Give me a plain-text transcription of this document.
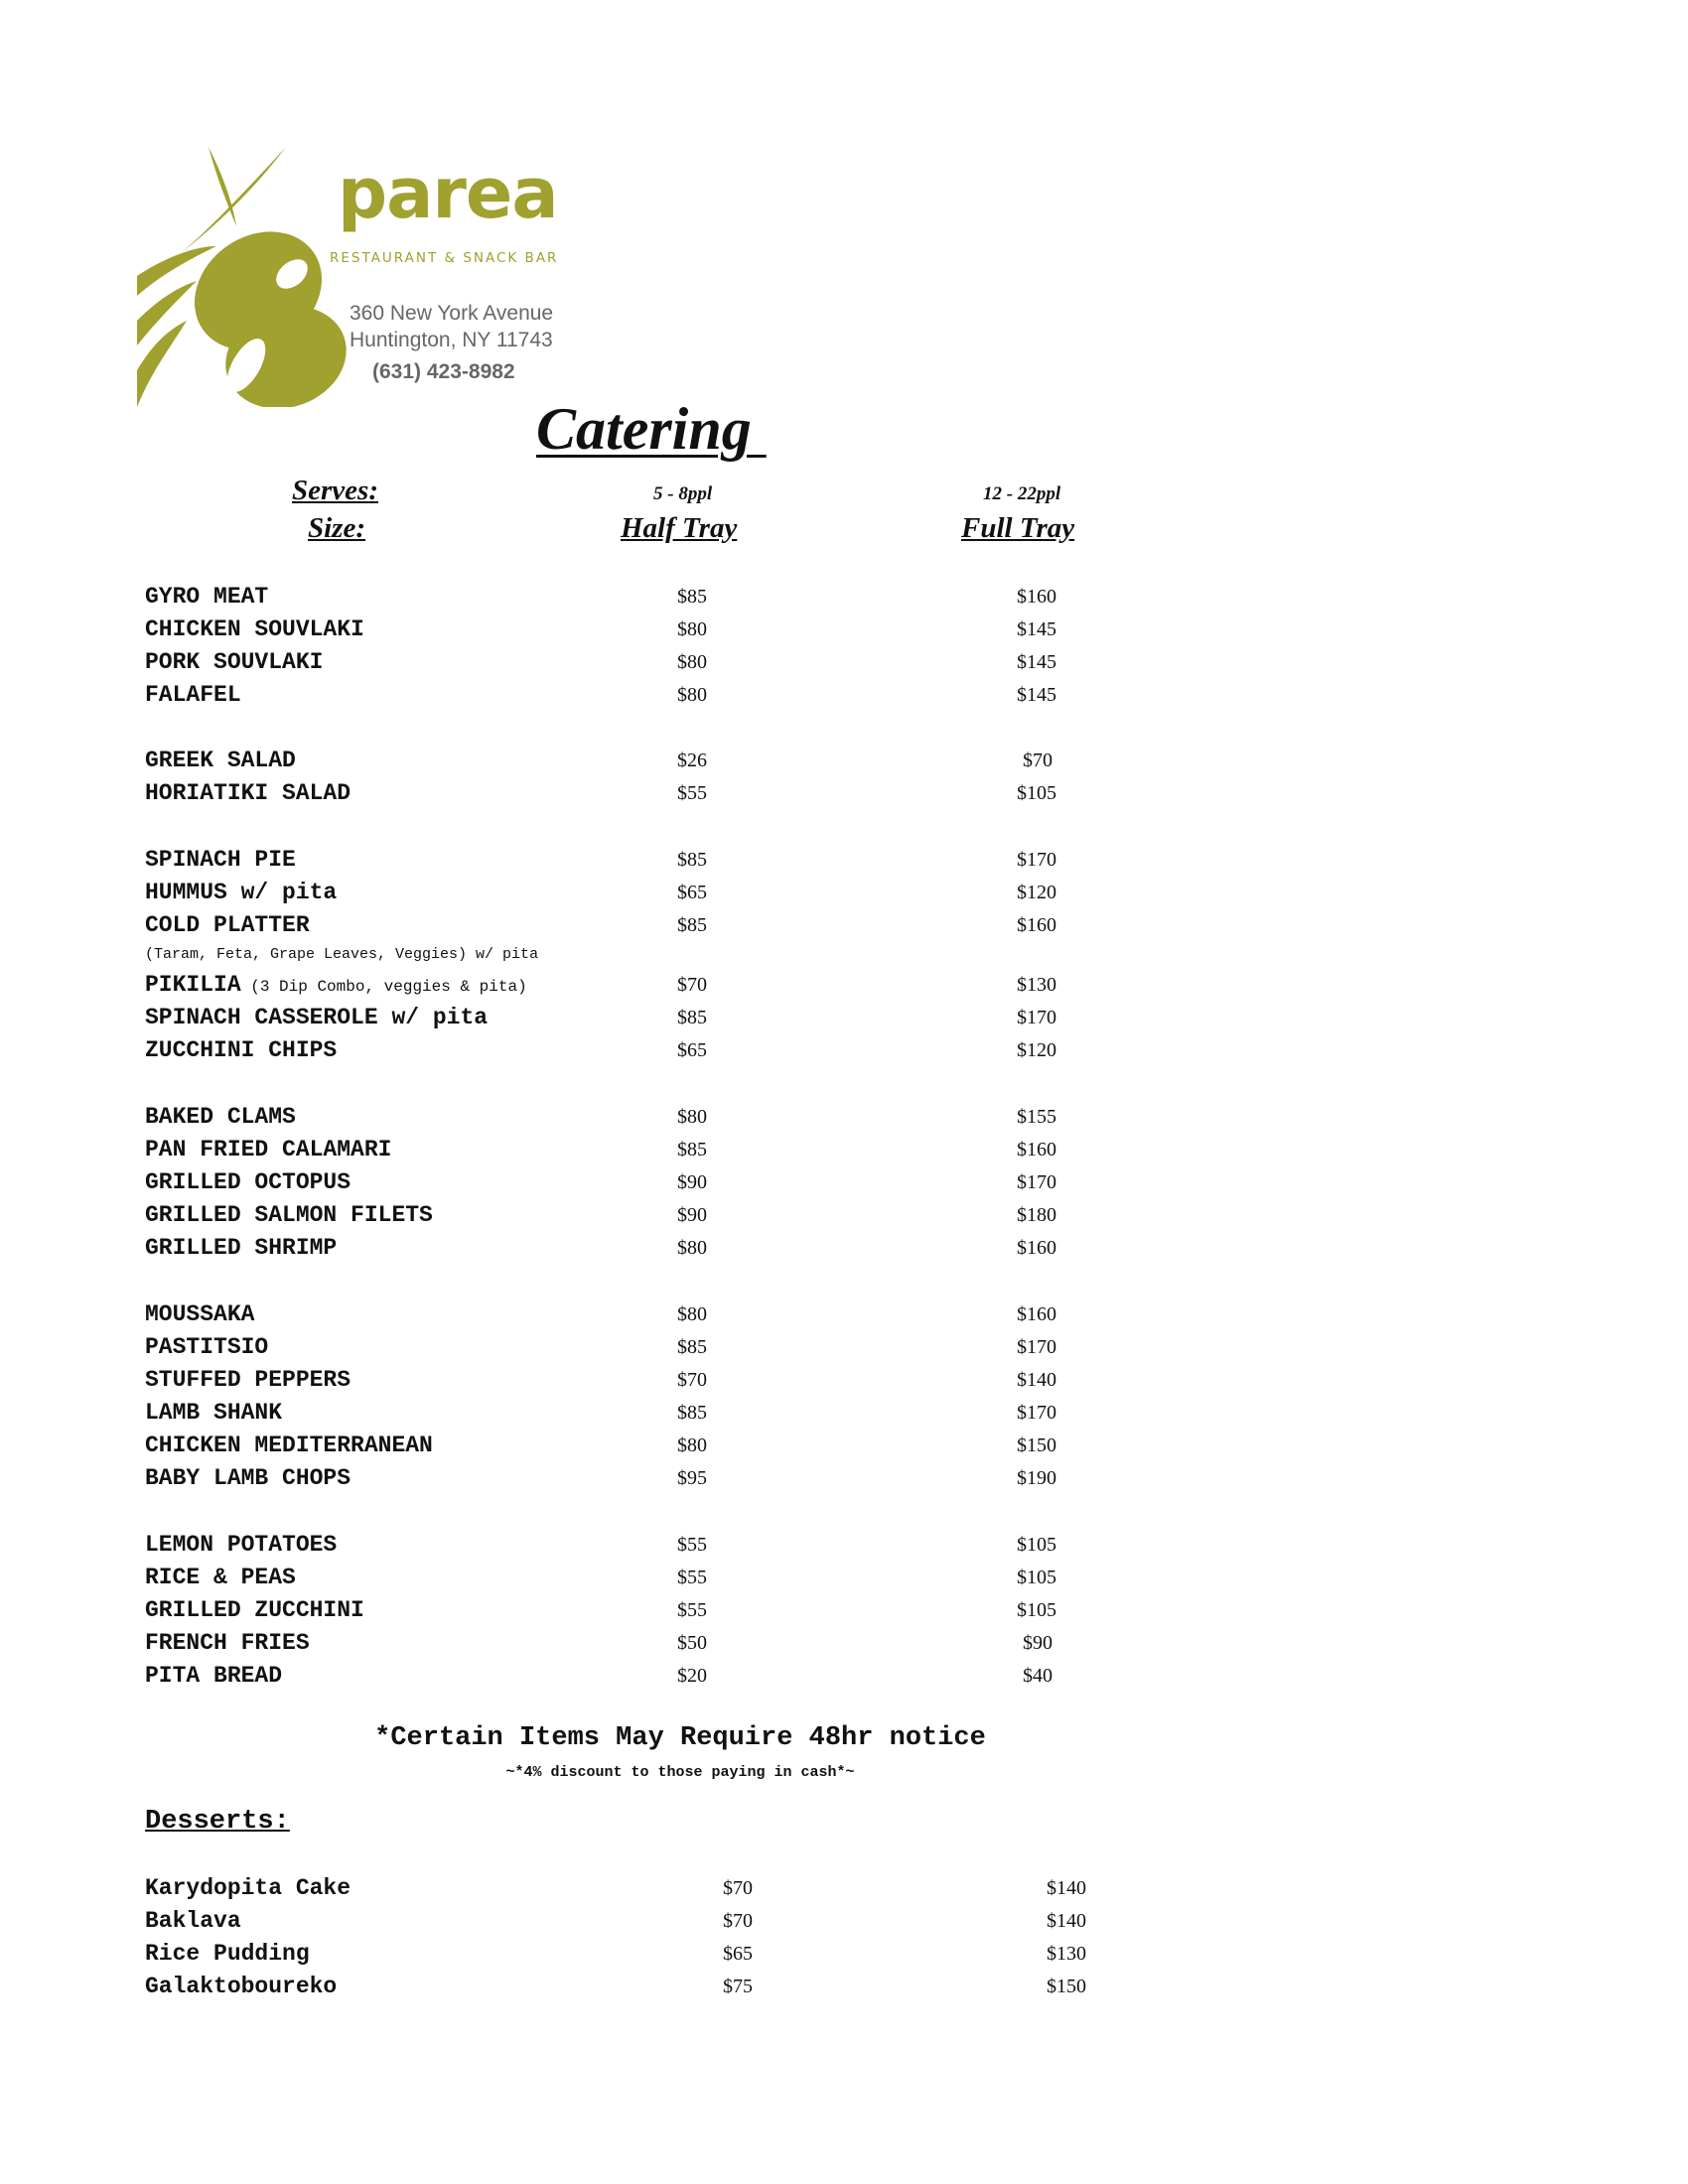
parea
RESTAURANT & SNACK BAR
360 New York Avenue
Huntington, NY 11743
(631) 423-8982
Catering
Serves:	5 - 8ppl	12 - 22ppl
Size:	Half Tray	Full Tray
GYRO MEAT	$85	$160
CHICKEN SOUVLAKI	$80	$145
PORK SOUVLAKI	$80	$145
FALAFEL	$80	$145
GREEK SALAD	$26	$70
HORIATIKI SALAD	$55	$105
SPINACH PIE	$85	$170
HUMMUS w/ pita	$65	$120
COLD PLATTER	$85	$160
(Taram, Feta, Grape Leaves, Veggies) w/ pita
PIKILIA (3 Dip Combo, veggies & pita)	$70	$130
SPINACH CASSEROLE w/ pita	$85	$170
ZUCCHINI CHIPS	$65	$120
BAKED CLAMS	$80	$155
PAN FRIED CALAMARI	$85	$160
GRILLED OCTOPUS	$90	$170
GRILLED SALMON FILETS	$90	$180
GRILLED SHRIMP	$80	$160
MOUSSAKA	$80	$160
PASTITSIO	$85	$170
STUFFED PEPPERS	$70	$140
LAMB SHANK	$85	$170
CHICKEN MEDITERRANEAN	$80	$150
BABY LAMB CHOPS	$95	$190
LEMON POTATOES	$55	$105
RICE & PEAS	$55	$105
GRILLED ZUCCHINI	$55	$105
FRENCH FRIES	$50	$90
PITA BREAD	$20	$40
*Certain Items May Require 48hr notice
~*4% discount to those paying in cash*~
Desserts:
Karydopita Cake	$70	$140
Baklava	$70	$140
Rice Pudding	$65	$130
Galaktoboureko	$75	$150
